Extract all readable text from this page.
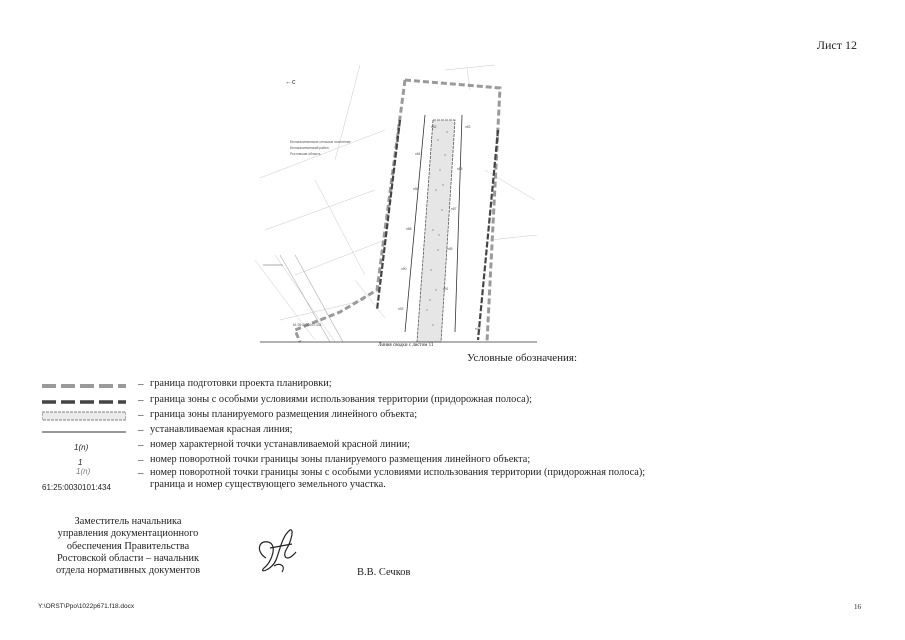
Лист 12
←с
Белокалитвинское сельское поселение
Белокалитвинский район
Ростовская область
61:25:0030101:434
н82	н83
н84
н85
н86
н87
н88
н89
н90
н91
н92
н93
Линия сводки с листом 11
Условные обозначения:
– граница подготовки проекта планировки;
– граница зоны с особыми условиями использования территории (придорожная полоса);
– граница зоны планируемого размещения линейного объекта;
– устанавливаемая красная линия;
1(n)	– номер характерной точки устанавливаемой красной линии;
1	– номер поворотной точки границы зоны планируемого размещения линейного объекта;
1(n)	– номер поворотной точки границы зоны с особыми условиями использования территории (придорожная полоса);
61:25:0030101:434	граница и номер существующего земельного участка.
Заместитель начальника
управления документационного
обеспечения Правительства
Ростовской области – начальник
отдела нормативных документов	В.В. Сечков
Y:\ORST\Ppo\1022p671.f18.docx	16
